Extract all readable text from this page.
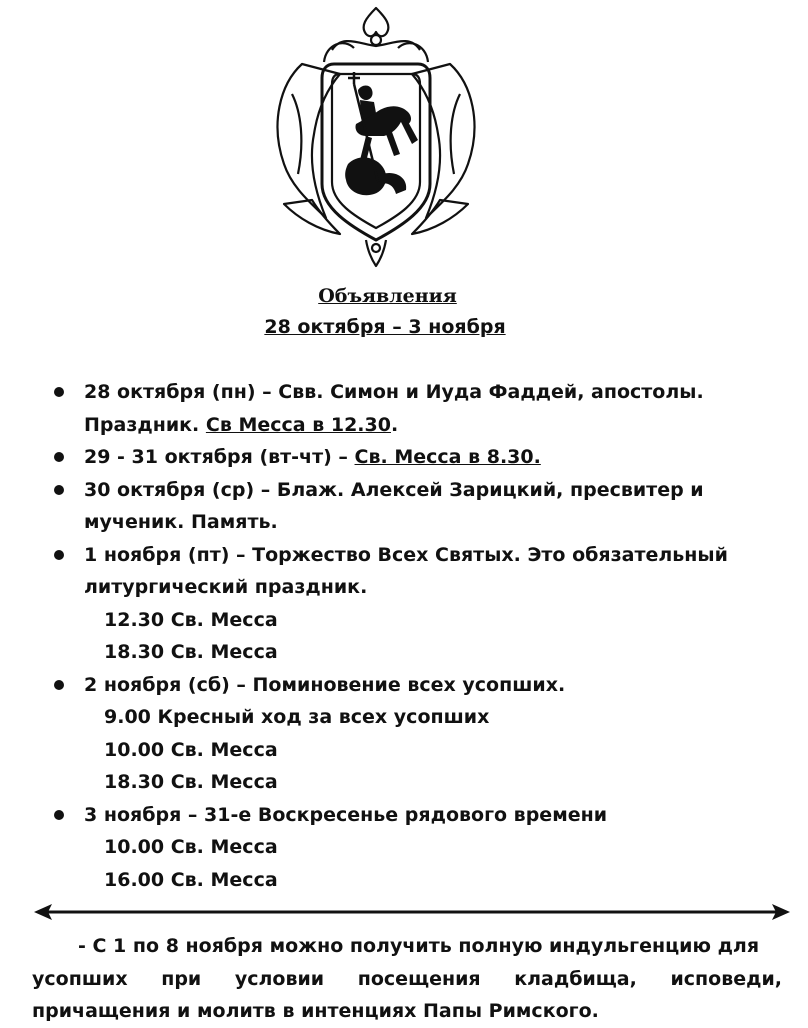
Объявления
28 октября – 3 ноября
28 октября (пн) – Свв. Симон и Иуда Фаддей, апостолы.
Праздник. Св Месса в 12.30.
29 - 31 октября (вт-чт) – Св. Месса в 8.30.
30 октября (ср) – Блаж. Алексей Зарицкий, пресвитер и
мученик. Память.
1 ноября (пт) – Торжество Всех Святых. Это обязательный
литургический праздник.
12.30 Св. Месса
18.30 Св. Месса
2 ноября (сб) – Поминовение всех усопших.
9.00 Кресный ход за всех усопших
10.00 Св. Месса
18.30 Св. Месса
3 ноября – 31-е Воскресенье рядового времени
10.00 Св. Месса
16.00 Св. Месса
- С 1 по 8 ноября можно получить полную индульгенцию для
усопших при условии посещения кладбища, исповеди,
причащения и молитв в интенциях Папы Римского.
